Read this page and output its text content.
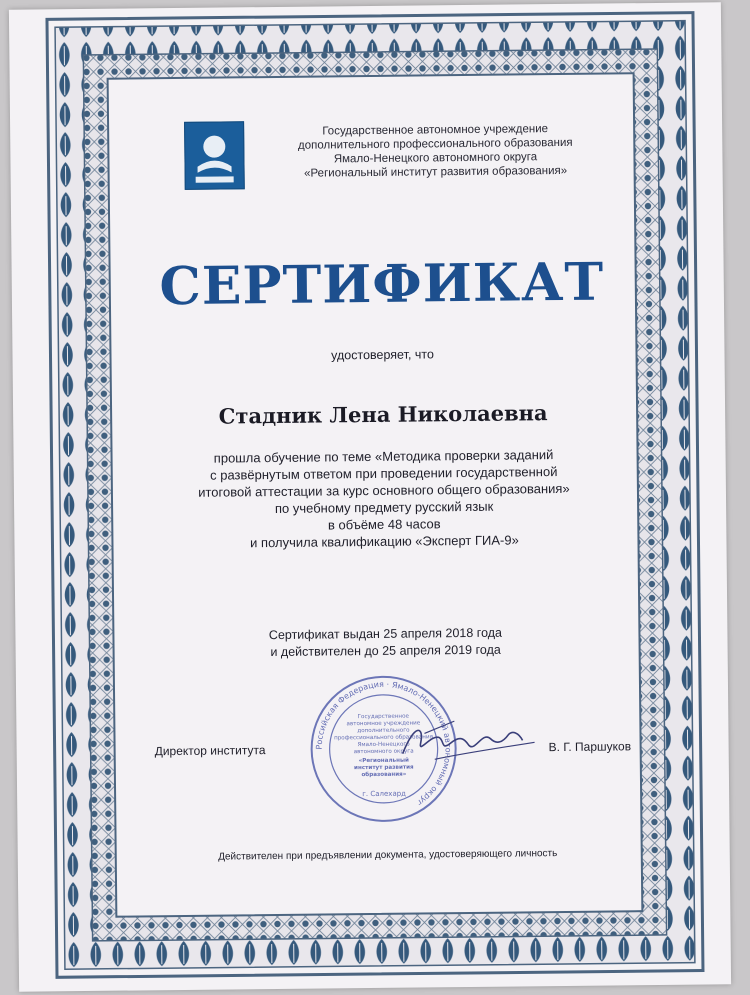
Государственное автономное учреждение
дополнительного профессионального образования
Ямало-Ненецкого автономного округа
«Региональный институт развития образования»
СЕРТИФИКАТ
удостоверяет, что
Стадник Лена Николаевна
прошла обучение по теме «Методика проверки заданий
с развёрнутым ответом при проведении государственной
итоговой аттестации за курс основного общего образования»
по учебному предмету русский язык
в объёме 48 часов
и получила квалификацию «Эксперт ГИА-9»
Сертификат выдан 25 апреля 2018 года
и действителен до 25 апреля 2019 года
Российская Федерация · Ямало-Ненецкий автономный округ
Государственное
автономное учреждение
дополнительного
профессионального образования
Ямало-Ненецкого
автономного округа
«Региональный
институт развития
образования»
г. Салехард
Директор института	В. Г. Паршуков
Действителен при предъявлении документа, удостоверяющего личность
